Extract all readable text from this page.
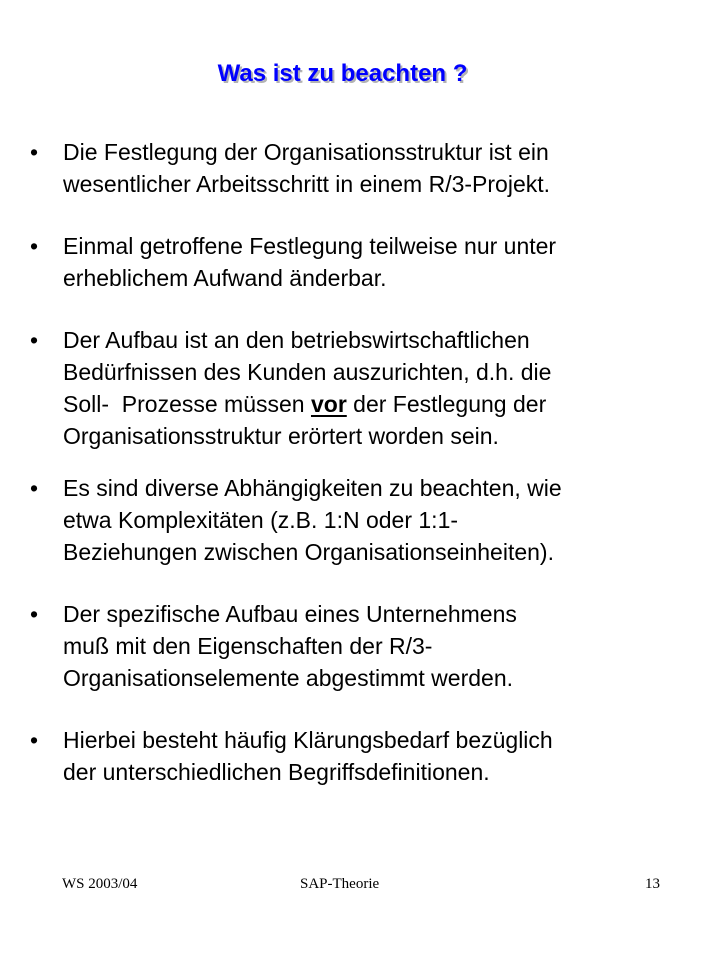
Was ist zu beachten ?
• Die Festlegung der Organisationsstruktur ist ein
wesentlicher Arbeitsschritt in einem R/3-Projekt.
• Einmal getroffene Festlegung teilweise nur unter
erheblichem Aufwand änderbar.
• Der Aufbau ist an den betriebswirtschaftlichen
Bedürfnissen des Kunden auszurichten, d.h. die
Soll-  Prozesse müssen vor der Festlegung der
Organisationsstruktur erörtert worden sein.
• Es sind diverse Abhängigkeiten zu beachten, wie
etwa Komplexitäten (z.B. 1:N oder 1:1-
Beziehungen zwischen Organisationseinheiten).
• Der spezifische Aufbau eines Unternehmens
muß mit den Eigenschaften der R/3-
Organisationselemente abgestimmt werden.
• Hierbei besteht häufig Klärungsbedarf bezüglich
der unterschiedlichen Begriffsdefinitionen.
WS 2003/04	SAP-Theorie	13
